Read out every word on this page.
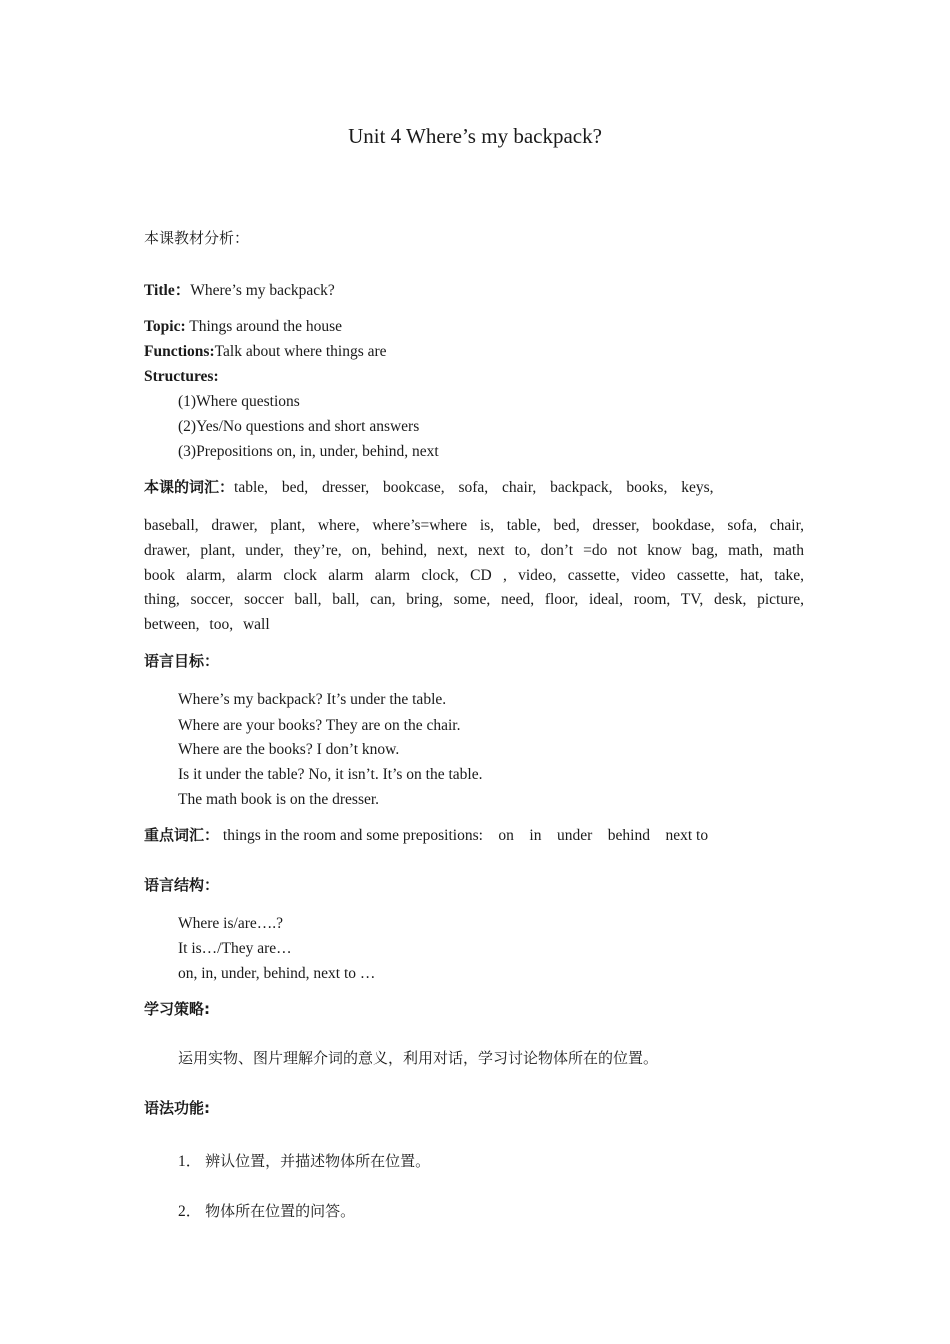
Unit 4 Where’s my backpack?
本课教材分析：
Title：Where’s my backpack?
Topic: Things around the house
Functions:Talk about where things are
Structures:
(1)Where questions
(2)Yes/No questions and short answers
(3)Prepositions on, in, under, behind, next
本课的词汇：table, bed, dresser, bookcase, sofa, chair, backpack, books, keys,
baseball, drawer, plant, where, where’s=where is, table, bed, dresser, bookdase, sofa, chair, drawer, plant, under, they’re, on, behind, next, next to, don’t =do not know bag, math, math book alarm, alarm clock alarm alarm clock, CD , video, cassette, video cassette, hat, take, thing, soccer, soccer ball, ball, can, bring, some, need, floor, ideal, room, TV, desk, picture, between, too, wall
语言目标：
Where’s my backpack? It’s under the table.
Where are your books? They are on the chair.
Where are the books? I don’t know.
Is it under the table? No, it isn’t. It’s on the table.
The math book is on the dresser.
重点词汇： things in the room and some prepositions:    on    in    under    behind    next to
语言结构：
Where is/are….?
It is…/They are…
on, in, under, behind, next to …
学习策略:
运用实物、图片理解介词的意义，利用对话，学习讨论物体所在的位置。
语法功能:
1． 辨认位置，并描述物体所在位置。
2． 物体所在位置的问答。
